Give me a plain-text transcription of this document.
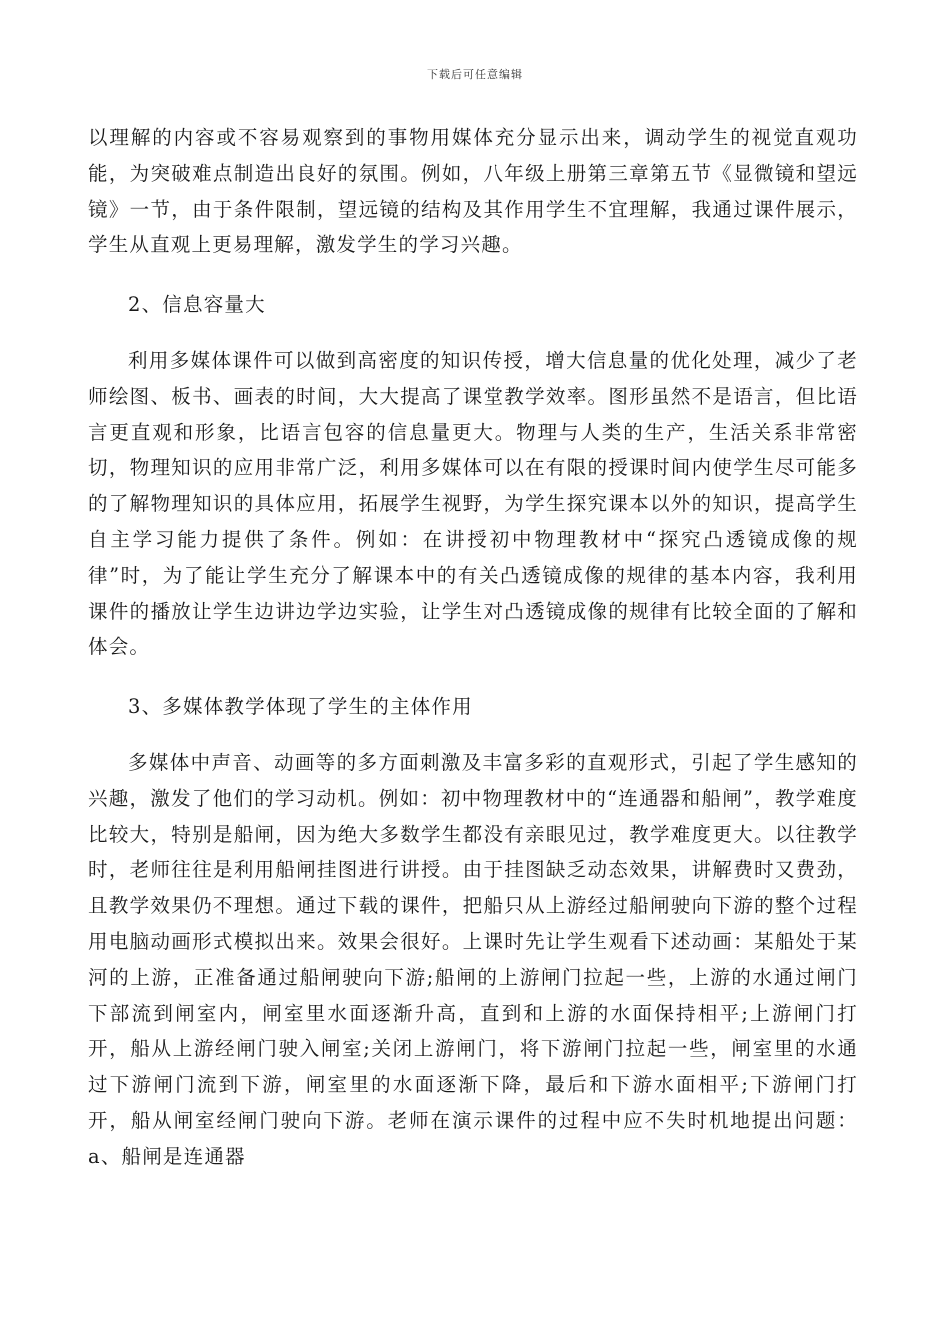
下载后可任意编辑

以理解的内容或不容易观察到的事物用媒体充分显示出来，调动学生的视觉直观功能，为突破难点制造出良好的氛围。例如，八年级上册第三章第五节《显微镜和望远镜》一节，由于条件限制，望远镜的结构及其作用学生不宜理解，我通过课件展示，学生从直观上更易理解，激发学生的学习兴趣。

2、信息容量大

利用多媒体课件可以做到高密度的知识传授，增大信息量的优化处理，减少了老师绘图、板书、画表的时间，大大提高了课堂教学效率。图形虽然不是语言，但比语言更直观和形象，比语言包容的信息量更大。物理与人类的生产，生活关系非常密切，物理知识的应用非常广泛，利用多媒体可以在有限的授课时间内使学生尽可能多的了解物理知识的具体应用，拓展学生视野，为学生探究课本以外的知识，提高学生自主学习能力提供了条件。例如：在讲授初中物理教材中“探究凸透镜成像的规律”时，为了能让学生充分了解课本中的有关凸透镜成像的规律的基本内容，我利用课件的播放让学生边讲边学边实验，让学生对凸透镜成像的规律有比较全面的了解和体会。

3、多媒体教学体现了学生的主体作用

多媒体中声音、动画等的多方面刺激及丰富多彩的直观形式，引起了学生感知的兴趣，激发了他们的学习动机。例如：初中物理教材中的“连通器和船闸”，教学难度比较大，特别是船闸，因为绝大多数学生都没有亲眼见过，教学难度更大。以往教学时，老师往往是利用船闸挂图进行讲授。由于挂图缺乏动态效果，讲解费时又费劲，且教学效果仍不理想。通过下载的课件，把船只从上游经过船闸驶向下游的整个过程用电脑动画形式模拟出来。效果会很好。上课时先让学生观看下述动画：某船处于某河的上游，正准备通过船闸驶向下游;船闸的上游闸门拉起一些，上游的水通过闸门下部流到闸室内，闸室里水面逐渐升高，直到和上游的水面保持相平;上游闸门打开，船从上游经闸门驶入闸室;关闭上游闸门，将下游闸门拉起一些，闸室里的水通过下游闸门流到下游，闸室里的水面逐渐下降，最后和下游水面相平;下游闸门打开，船从闸室经闸门驶向下游。老师在演示课件的过程中应不失时机地提出问题：a、船闸是连通器
